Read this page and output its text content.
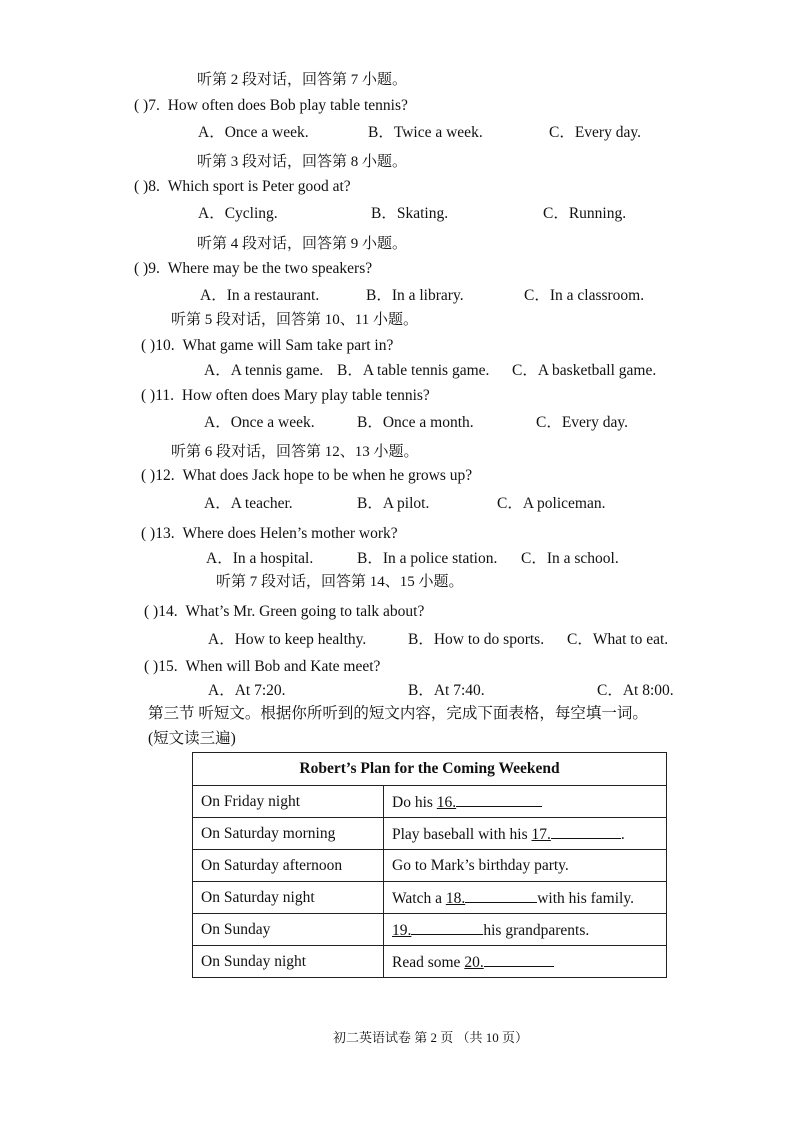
听第 2 段对话，回答第 7 小题。
( )7. How often does Bob play table tennis?
A．Once a week.	B．Twice a week.	C．Every day.
听第 3 段对话，回答第 8 小题。
( )8. Which sport is Peter good at?
A．Cycling.	B．Skating.	C．Running.
听第 4 段对话，回答第 9 小题。
( )9. Where may be the two speakers?
A．In a restaurant.	B．In a library.	C．In a classroom.
听第 5 段对话，回答第 10、11 小题。
( )10. What game will Sam take part in?
A．A tennis game. B．A table tennis game. C．A basketball game.
( )11. How often does Mary play table tennis?
A．Once a week.	B．Once a month.	C．Every day.
听第 6 段对话，回答第 12、13 小题。
( )12. What does Jack hope to be when he grows up?
A．A teacher.	B．A pilot.	C．A policeman.
( )13. Where does Helen’s mother work?
A．In a hospital.	B．In a police station. C．In a school.
听第 7 段对话，回答第 14、15 小题。
( )14. What’s Mr. Green going to talk about?
A．How to keep healthy.	B．How to do sports. C．What to eat.
( )15. When will Bob and Kate meet?
A．At 7:20.	B．At 7:40.	C．At 8:00.
第三节 听短文。根据你所听到的短文内容，完成下面表格，每空填一词。
(短文读三遍)
Robert’s Plan for the Coming Weekend	
On Friday night	Do his 16.
On Saturday morning	Play baseball with his 17. .
On Saturday afternoon	Go to Mark’s birthday party.
On Saturday night	Watch a 18. with his family.
On Sunday	19. his grandparents.
On Sunday night	Read some 20.
初二英语试卷 第 2 页 （共 10 页）
